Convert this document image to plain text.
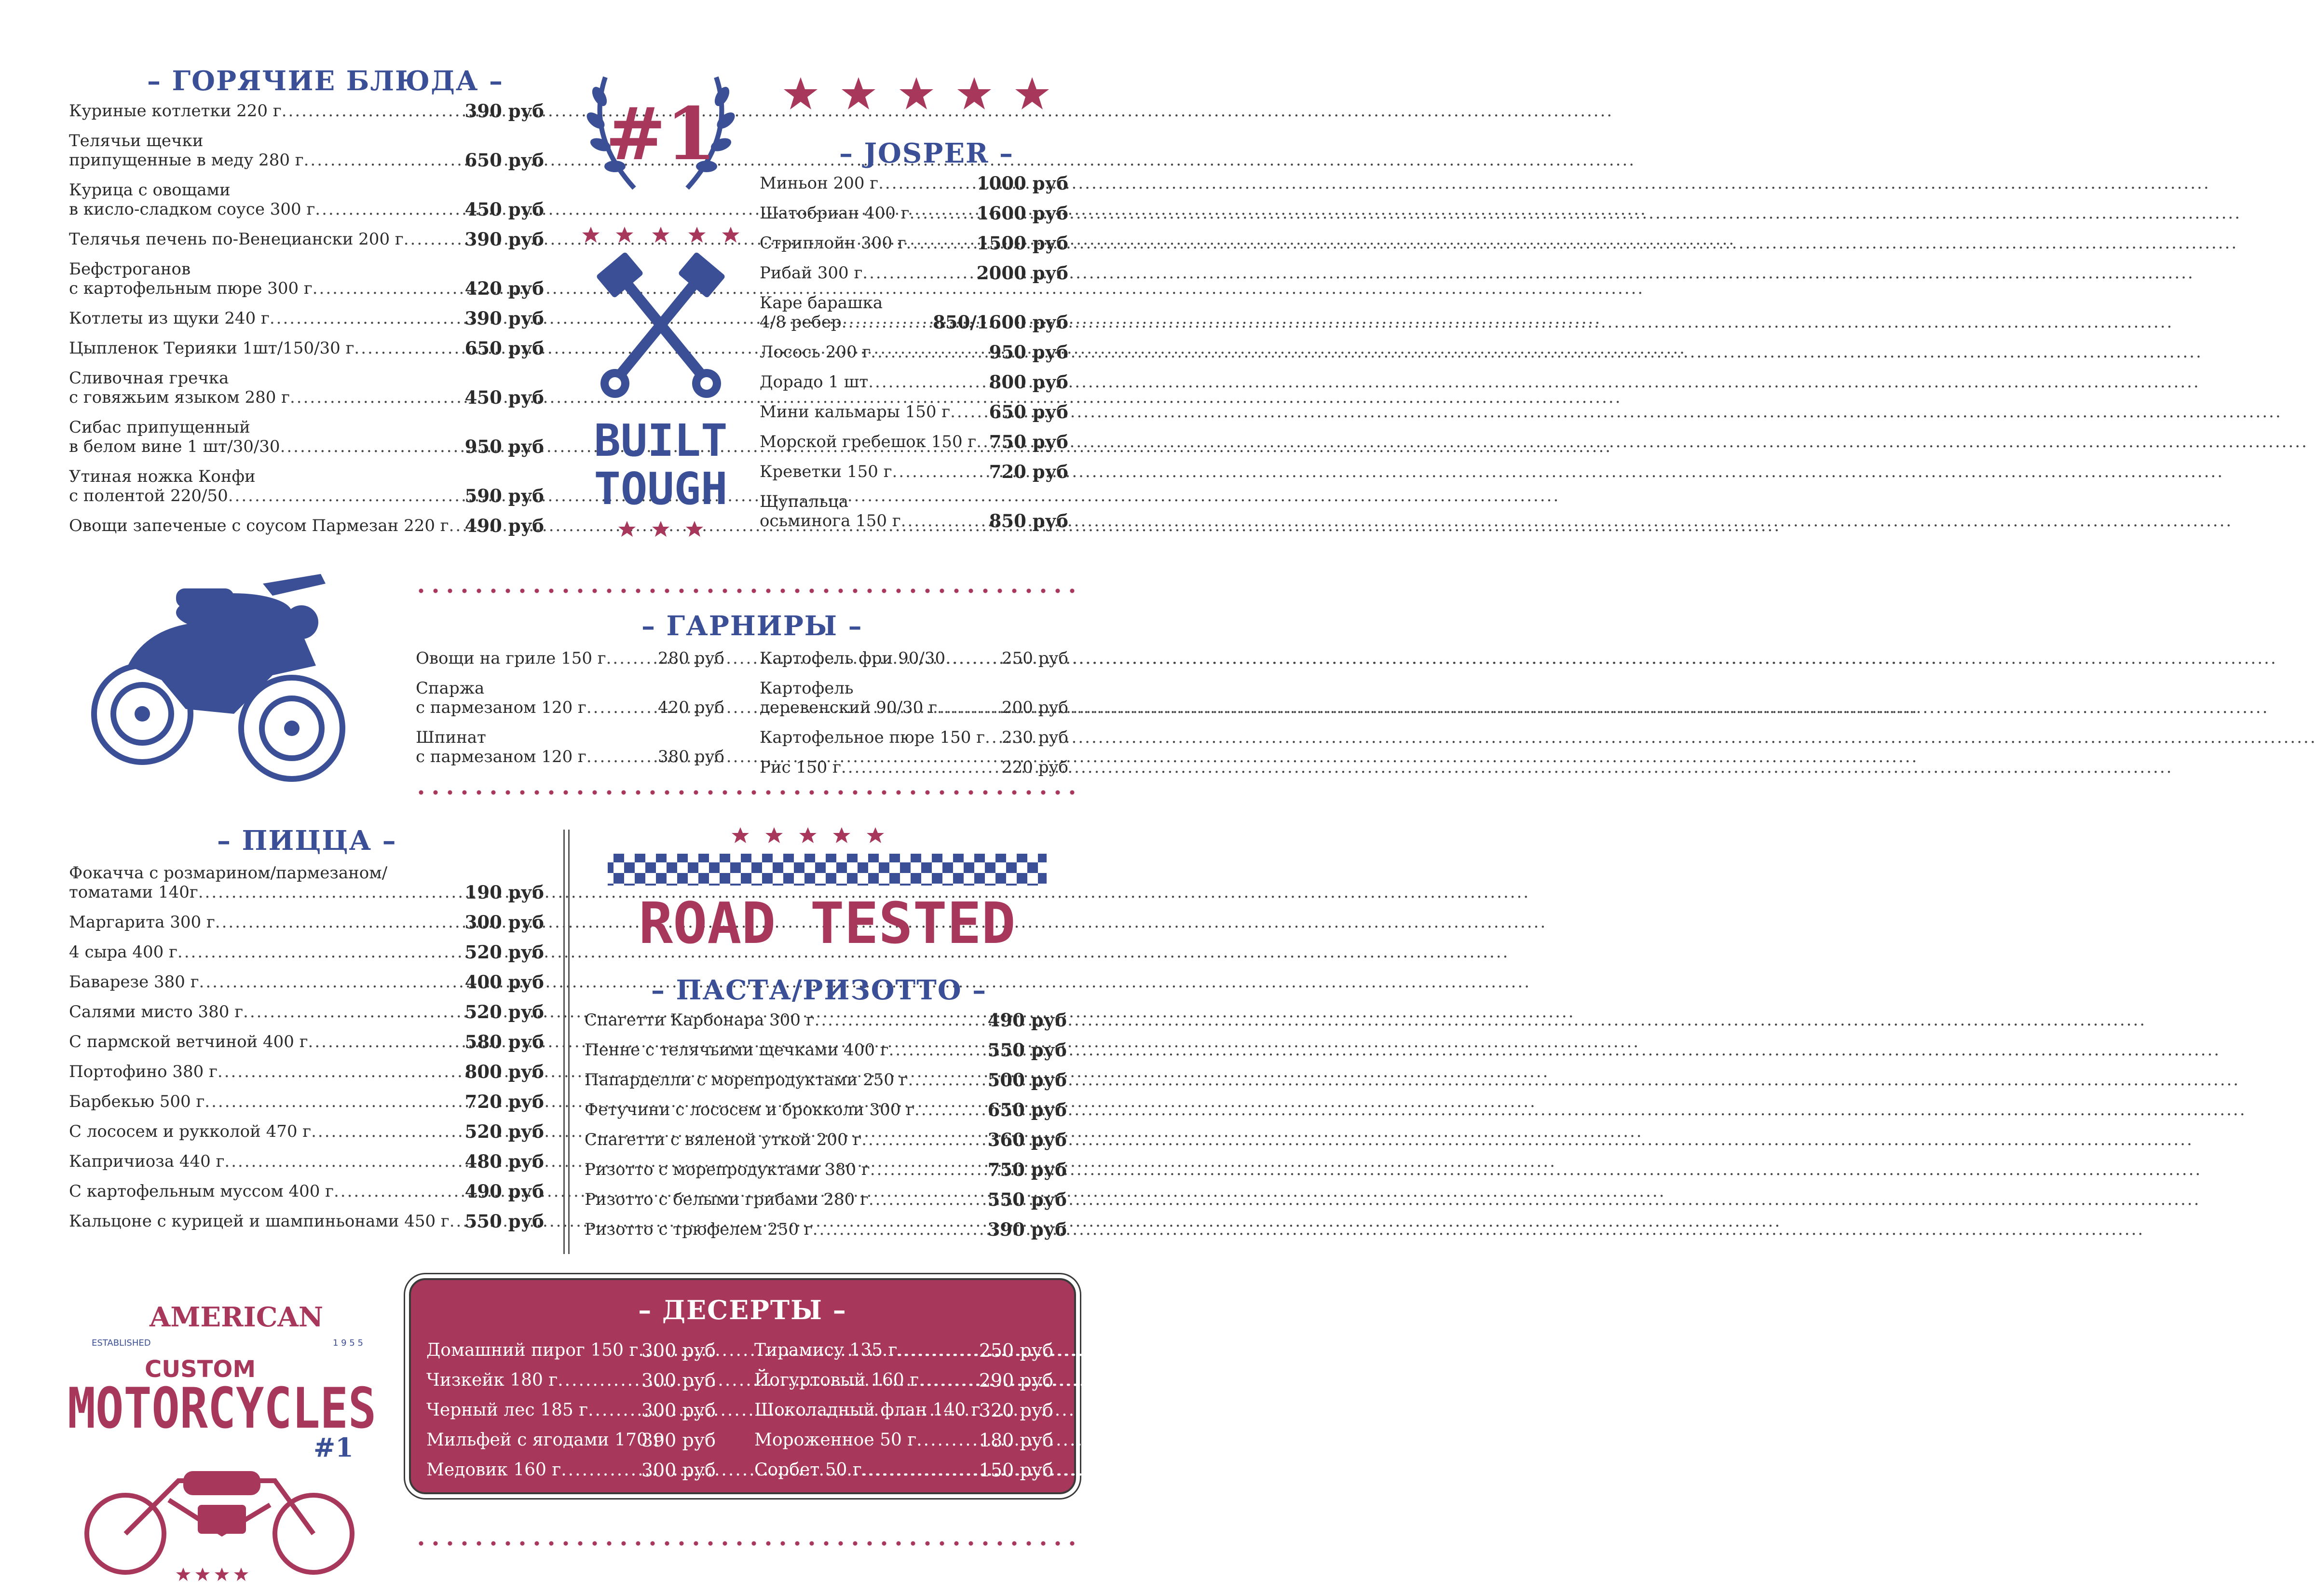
– ГОРЯЧИЕ БЛЮДА –
Куриные котлетки 220 г .....	390 руб
Телячьи щечки
припущенные в меду 280 г .....	650 руб
Курица с овощами
в кисло-сладком соусе 300 г .....	450 руб
Телячья печень по-Венециански 200 г .....	390 руб
Бефстроганов
с картофельным пюре 300 г .....	420 руб
Котлеты из щуки 240 г .....	390 руб
Цыпленок Терияки 1шт/150/30 г .....	650 руб
Сливочная гречка
с говяжьим языком 280 г .....	450 руб
Сибас припущенный
в белом вине 1 шт/30/30 .....	950 руб
Утиная ножка Конфи
с полентой 220/50 .....	590 руб
Овощи запеченые с соусом Пармезан 220 г ..... 490 руб
– JOSPER –
Миньон 200 г .....	1000 руб
Шатобриан 400 г .....	1600 руб
Стриплойн 300 г .....	1500 руб
Рибай 300 г .....	2000 руб
Каре барашка
4/8 ребер .....	850/1600 руб
Лосось 200 г .....	950 руб
Дорадо 1 шт .....	800 руб
Мини кальмары 150 г ..... 650 руб
Морской гребешок 150 г ..... 750 руб
Креветки 150 г .....	720 руб
Щупальца
осьминога 150 г .....	850 руб
#1
BUILT
TOUGH
– ГАРНИРЫ –
Овощи на гриле 150 г .....	280 руб
Спаржа
с пармезаном 120 г .....	420 руб
Шпинат
с пармезаном 120 г .....	380 руб
Картофель фри 90/30 .....	250 руб
Картофель
деревенский 90/30 г .....	200 руб
Картофельное пюре 150 г ..... 230 руб
Рис 150 г .....	220 руб
– ПИЦЦА –
Фокачча с розмарином/пармезаном/
томатами 140г .....	190 руб
Маргарита 300 г .....	300 руб
4 сыра 400 г .....	520 руб
Баварезе 380 г .....	400 руб
Салями мисто 380 г .....	520 руб
С пармской ветчиной 400 г .....	580 руб
Портофино 380 г .....	800 руб
Барбекью 500 г .....	720 руб
С лососем и рукколой 470 г .....	520 руб
Капричиоза 440 г .....	480 руб
С картофельным муссом 400 г .....	490 руб
Кальцоне с курицей и шампиньонами 450 г ..... 550 руб
ROAD TESTED
– ПАСТА/РИЗОТТО –
Спагетти Карбонара 300 г .....	490 руб
Пенне с телячьими щечками 400 г .....	550 руб
Папарделли с морепродуктами 250 г .....	500 руб
Фетучини с лососем и брокколи 300 г .....	650 руб
Спагетти с вяленой уткой 200 г .....	360 руб
Ризотто с морепродуктами 380 г .....	750 руб
Ризотто с белыми грибами 280 г .....	550 руб
Ризотто с трюфелем 250 г .....	390 руб
AMERICAN
ESTABLISHED	1 9 5 5
CUSTOM
MOTORCYCLES
#1
– ДЕСЕРТЫ –
Домашний пирог 150 г ..... 300 руб
Чизкейк 180 г .....	300 руб
Черный лес 185 г .....	300 руб
Мильфей с ягодами 170 г
390 руб
Медовик 160 г .....	300 руб
Тирамису 135 г .....	250 руб
Йогуртовый 160 г .....	290 руб
Шоколадный флан 140 г
320 руб
Мороженное 50 г .....	180 руб
Сорбет 50 г .....	150 руб
